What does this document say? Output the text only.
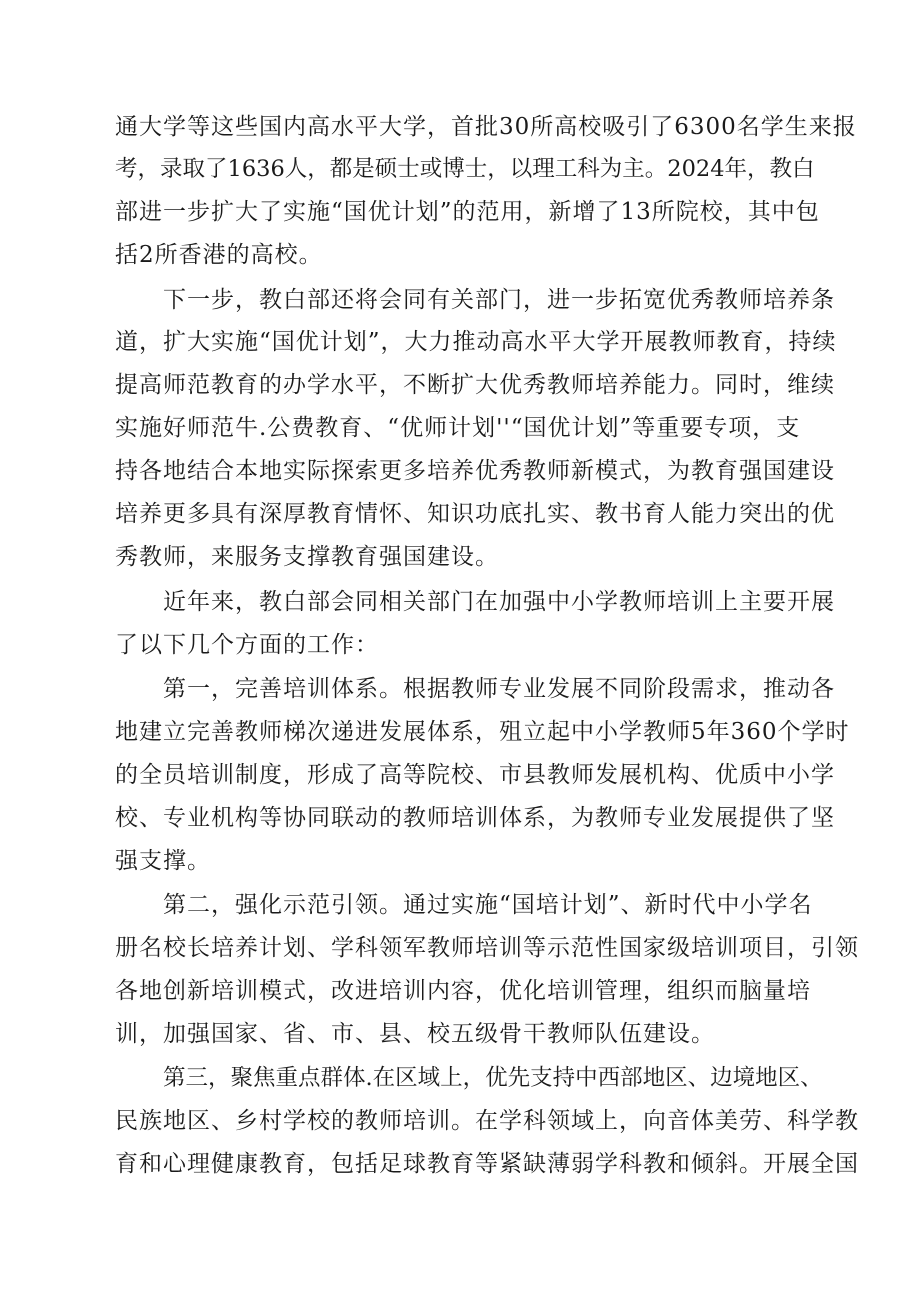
通大学等这些国内高水平大学，首批30所高校吸引了6300名学生来报

考，录取了1636人，都是硕士或博士，以理工科为主。2024年，教白

部进一步扩大了实施“国优计划”的范用，新增了13所院校，其中包

括2所香港的高校。

下一步，教白部还将会同有关部门，进一步拓宽优秀教师培养条

道，扩大实施“国优计划”，大力推动高水平大学开展教师教育，持续

提高师范教育的办学水平，不断扩大优秀教师培养能力。同时，维续

实施好师范牛.公费教育、“优师计划''“国优计划”等重要专项，支

持各地结合本地实际探索更多培养优秀教师新模式，为教育强国建设

培养更多具有深厚教育情怀、知识功底扎实、教书育人能力突出的优

秀教师，来服务支撑教育强国建设。

近年来，教白部会同相关部门在加强中小学教师培训上主要开展

了以下几个方面的工作：

第一，完善培训体系。根据教师专业发展不同阶段需求，推动各

地建立完善教师梯次递进发展体系，殂立起中小学教师5年360个学时

的全员培训制度，形成了高等院校、市县教师发展机构、优质中小学

校、专业机构等协同联动的教师培训体系，为教师专业发展提供了坚

强支撑。

第二，强化示范引领。通过实施“国培计划”、新时代中小学名

册名校长培养计划、学科领军教师培训等示范性国家级培训项目，引领

各地创新培训模式，改进培训内容，优化培训管理，组织而脑量培

训，加强国家、省、市、县、校五级骨干教师队伍建设。

第三，聚焦重点群体.在区域上，优先支持中西部地区、边境地区、

民族地区、乡村学校的教师培训。在学科领域上，向音体美劳、科学教

育和心理健康教育，包括足球教育等紧缺薄弱学科教和倾斜。开展全国
